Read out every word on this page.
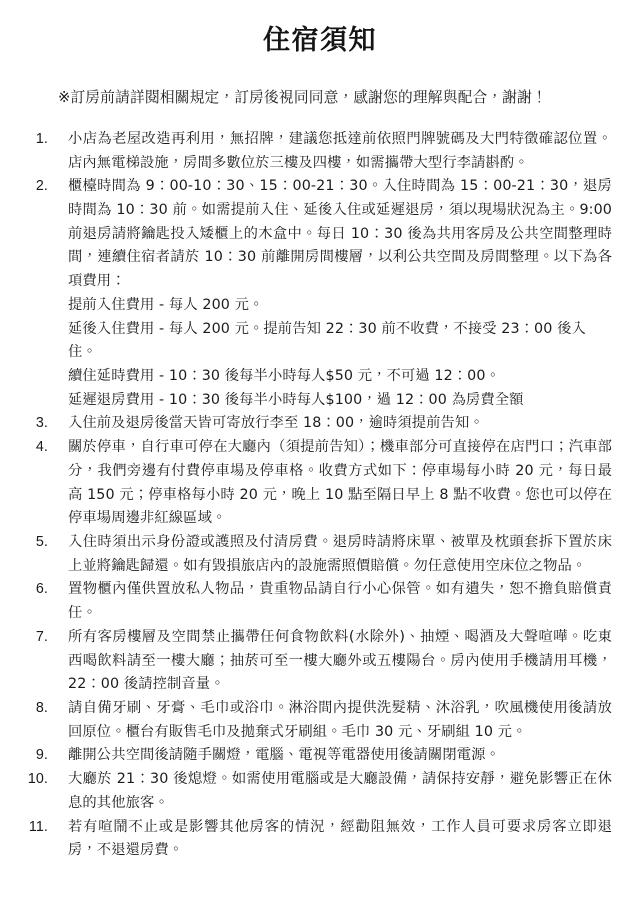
住宿須知

※訂房前請詳閱相關規定，訂房後視同同意，感謝您的理解與配合，謝謝！

1. 小店為老屋改造再利用，無招牌，建議您抵達前依照門牌號碼及大門特徵確認位置。店內無電梯設施，房間多數位於三樓及四樓，如需攜帶大型行李請斟酌。
2. 櫃檯時間為 9：00-10：30、15：00-21：30。入住時間為 15：00-21：30，退房時間為 10：30 前。如需提前入住、延後入住或延遲退房，須以現場狀況為主。9:00 前退房請將鑰匙投入矮櫃上的木盒中。每日 10：30 後為共用客房及公共空間整理時間，連續住宿者請於 10：30 前離開房間樓層，以利公共空間及房間整理。以下為各項費用：
提前入住費用 - 每人 200 元。
延後入住費用 - 每人 200 元。提前告知 22：30 前不收費，不接受 23：00 後入住。
續住延時費用 - 10：30 後每半小時每人$50 元，不可過 12：00。
延遲退房費用 - 10：30 後每半小時每人$100，過 12：00 為房費全額
3. 入住前及退房後當天皆可寄放行李至 18：00，逾時須提前告知。
4. 關於停車，自行車可停在大廳內（須提前告知）；機車部分可直接停在店門口；汽車部分，我們旁邊有付費停車場及停車格。收費方式如下：停車場每小時 20 元，每日最高 150 元；停車格每小時 20 元，晚上 10 點至隔日早上 8 點不收費。您也可以停在停車場周邊非紅線區域。
5. 入住時須出示身份證或護照及付清房費。退房時請將床單、被單及枕頭套拆下置於床上並將鑰匙歸還。如有毀損旅店內的設施需照價賠償。勿任意使用空床位之物品。
6. 置物櫃內僅供置放私人物品，貴重物品請自行小心保管。如有遺失，恕不擔負賠償責任。
7. 所有客房樓層及空間禁止攜帶任何食物飲料(水除外)、抽煙、喝酒及大聲喧嘩。吃東西喝飲料請至一樓大廳；抽菸可至一樓大廳外或五樓陽台。房內使用手機請用耳機，22：00 後請控制音量。
8. 請自備牙刷、牙膏、毛巾或浴巾。淋浴間內提供洗髮精、沐浴乳，吹風機使用後請放回原位。櫃台有販售毛巾及拋棄式牙刷組。毛巾 30 元、牙刷組 10 元。
9. 離開公共空間後請隨手關燈，電腦、電視等電器使用後請關閉電源。
10. 大廳於 21：30 後熄燈。如需使用電腦或是大廳設備，請保持安靜，避免影響正在休息的其他旅客。
11. 若有喧鬧不止或是影響其他房客的情況，經勸阻無效，工作人員可要求房客立即退房，不退還房費。
